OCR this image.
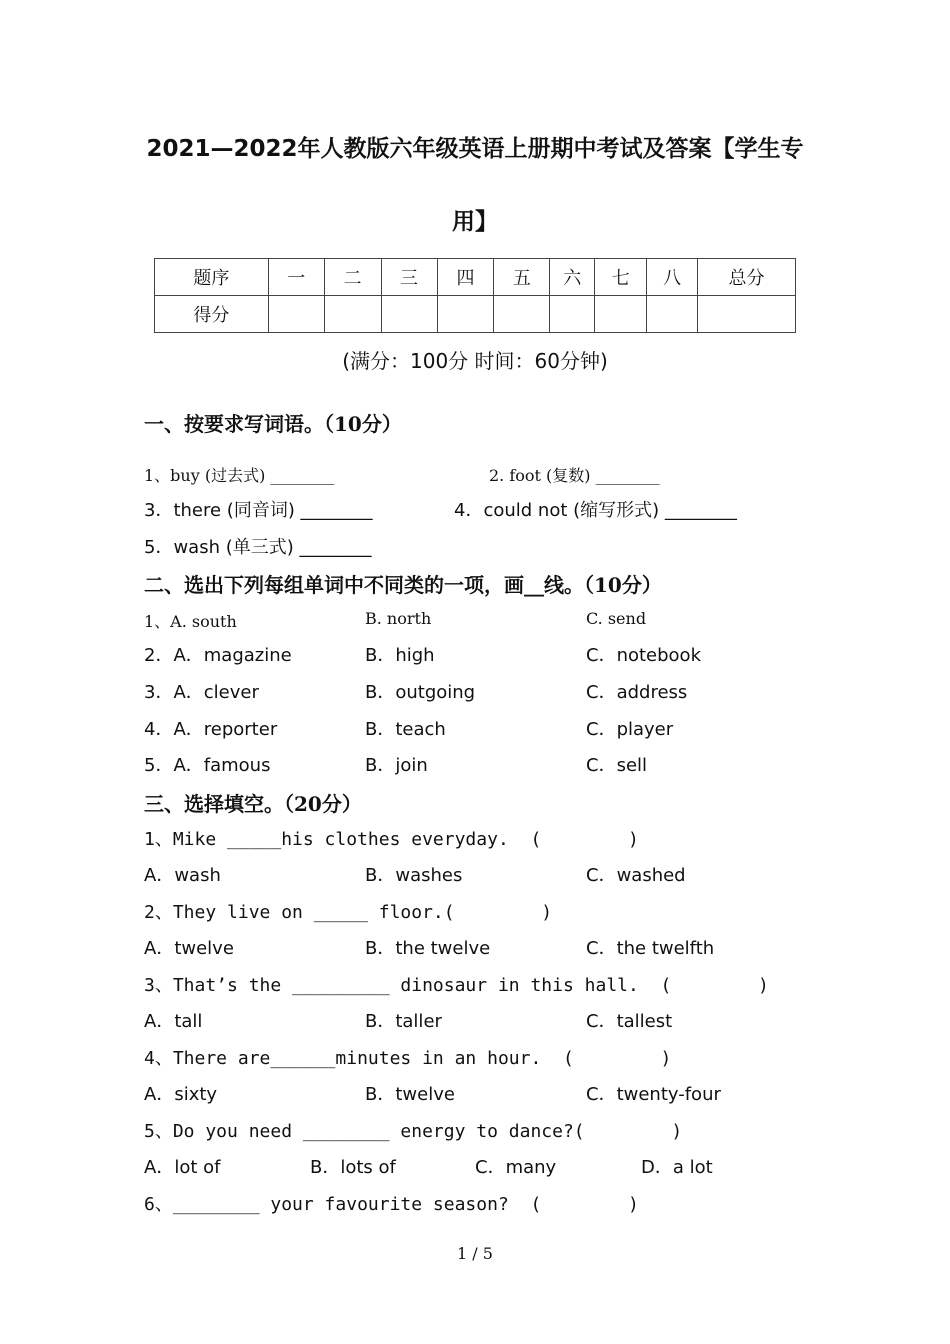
2021—2022年人教版六年级英语上册期中考试及答案【学生专
用】
题序	一	二	三	四	五	六	七	八	总分
得分									
(满分：100分 时间：60分钟)
一、按要求写词语。（10分）

1、buy (过去式) ________

	2. foot (复数) ________

3．there (同音词) ________

	4．could not (缩写形式) ________

5．wash (单三式) ________
二、选出下列每组单词中不同类的一项，画__线。（10分）

1、A. south

	B. north

	C. send

2．A．magazine

	B．high

	C．notebook

3．A．clever

	B．outgoing

	C．address

4．A．reporter

	B．teach

	C．player

5．A．famous

	B．join

	C．sell

三、选择填空。（20分）
1、Mike _____his clothes everyday.  (        )

A．wash

	B．washes

	C．washed

2、They live on _____ floor.(        )

A．twelve

	B．the twelve

	C．the twelfth

3、That’s the _________ dinosaur in this hall.  (        )

A．tall

	B．taller

	C．tallest

4、There are______minutes in an hour.  (        )

A．sixty

	B．twelve

	C．twenty-four

5、Do you need ________ energy to dance?(        )

A．lot of

	B．lots of

	C．many

	D．a lot

6、________ your favourite season?  (        )
1 / 5
